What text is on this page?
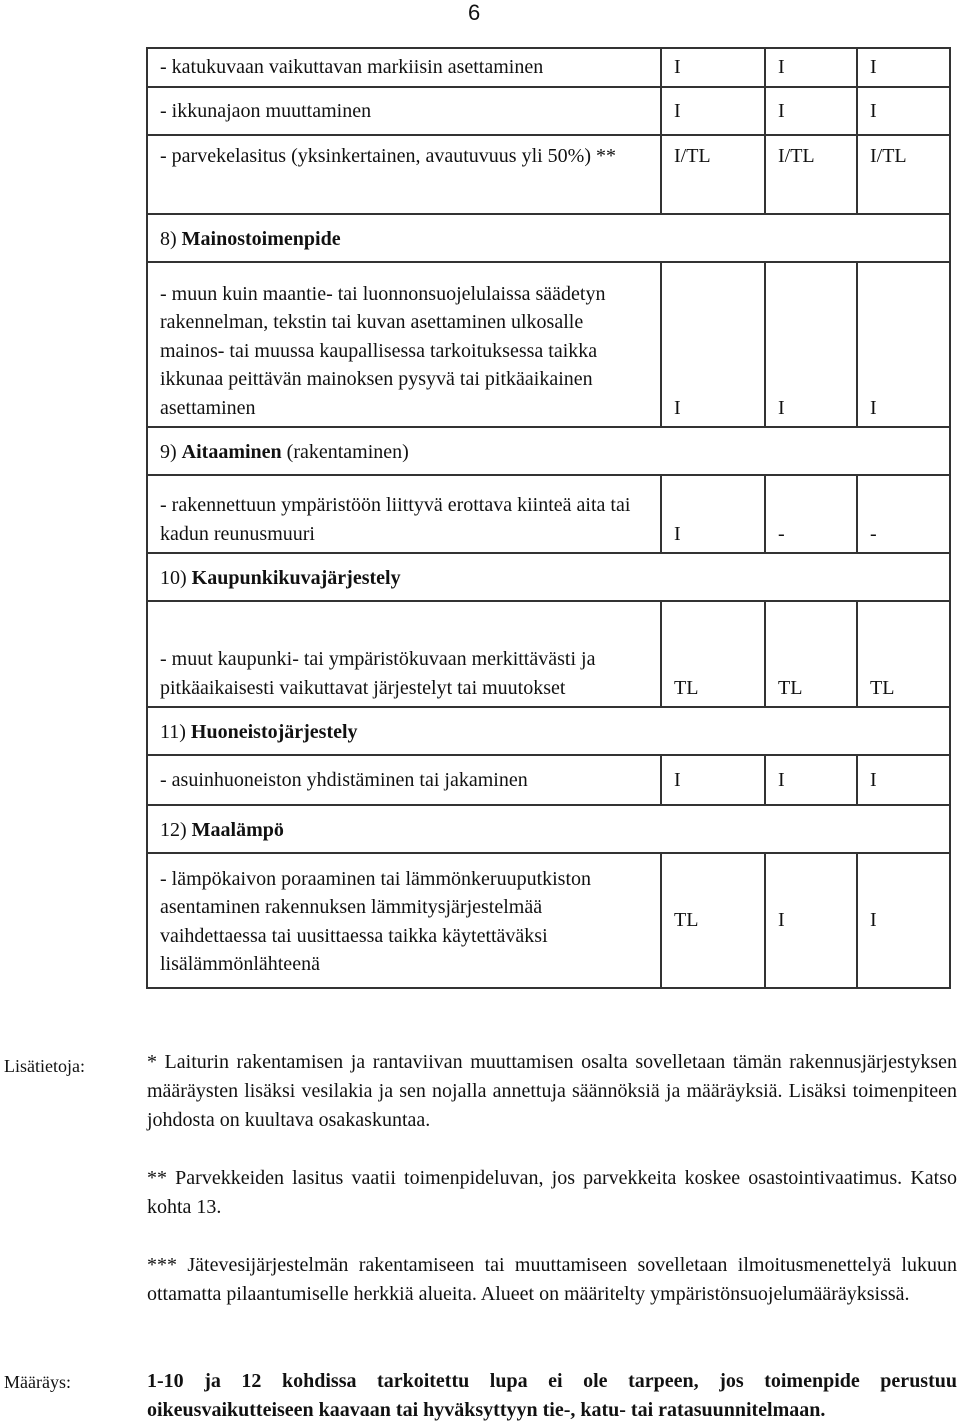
6
- katukuvaan vaikuttavan markiisin asettaminen	I	I	I
- ikkunajaon muuttaminen	I	I	I
- parvekelasitus (yksinkertainen, avautuvuus yli 50%) **	I/TL	I/TL	I/TL
8) Mainostoimenpide			
- muun kuin maantie- tai luonnonsuojelulaissa säädetyn rakennelman, tekstin tai kuvan asettaminen ulkosalle mainos- tai muussa kaupallisessa tarkoituksessa taikka ikkunaa peittävän mainoksen pysyvä tai pitkäaikainen asettaminen	I	I	I
9) Aitaaminen (rakentaminen)			
- rakennettuun ympäristöön liittyvä erottava kiinteä aita tai kadun reunusmuuri	I	-	-
10) Kaupunkikuvajärjestely			
- muut kaupunki- tai ympäristökuvaan merkittävästi ja pitkäaikaisesti vaikuttavat järjestelyt tai muutokset	TL	TL	TL
11) Huoneistojärjestely			
- asuinhuoneiston yhdistäminen tai jakaminen	I	I	I
12) Maalämpö			
- lämpökaivon poraaminen tai lämmönkeruuputkiston asentaminen rakennuksen lämmitysjärjestelmää vaihdettaessa tai uusittaessa taikka käytettäväksi lisälämmönlähteenä	TL	I	I
Lisätietoja:	* Laiturin rakentamisen ja rantaviivan muuttamisen osalta sovelletaan tämän rakennusjärjestyksen määräysten lisäksi vesilakia ja sen nojalla annettuja säännöksiä ja määräyksiä. Lisäksi toimenpiteen johdosta on kuultava osakaskuntaa.
** Parvekkeiden lasitus vaatii toimenpideluvan, jos parvekkeita koskee osastointivaatimus. Katso kohta 13.
*** Jätevesijärjestelmän rakentamiseen tai muuttamiseen sovelletaan ilmoitusmenettelyä lukuun ottamatta pilaantumiselle herkkiä alueita. Alueet on määritelty ympäristönsuojelumääräyksissä.
Määräys:	1-10 ja 12 kohdissa tarkoitettu lupa ei ole tarpeen, jos toimenpide perustuu oikeusvaikutteiseen kaavaan tai hyväksyttyyn tie-, katu- tai ratasuunnitelmaan.
